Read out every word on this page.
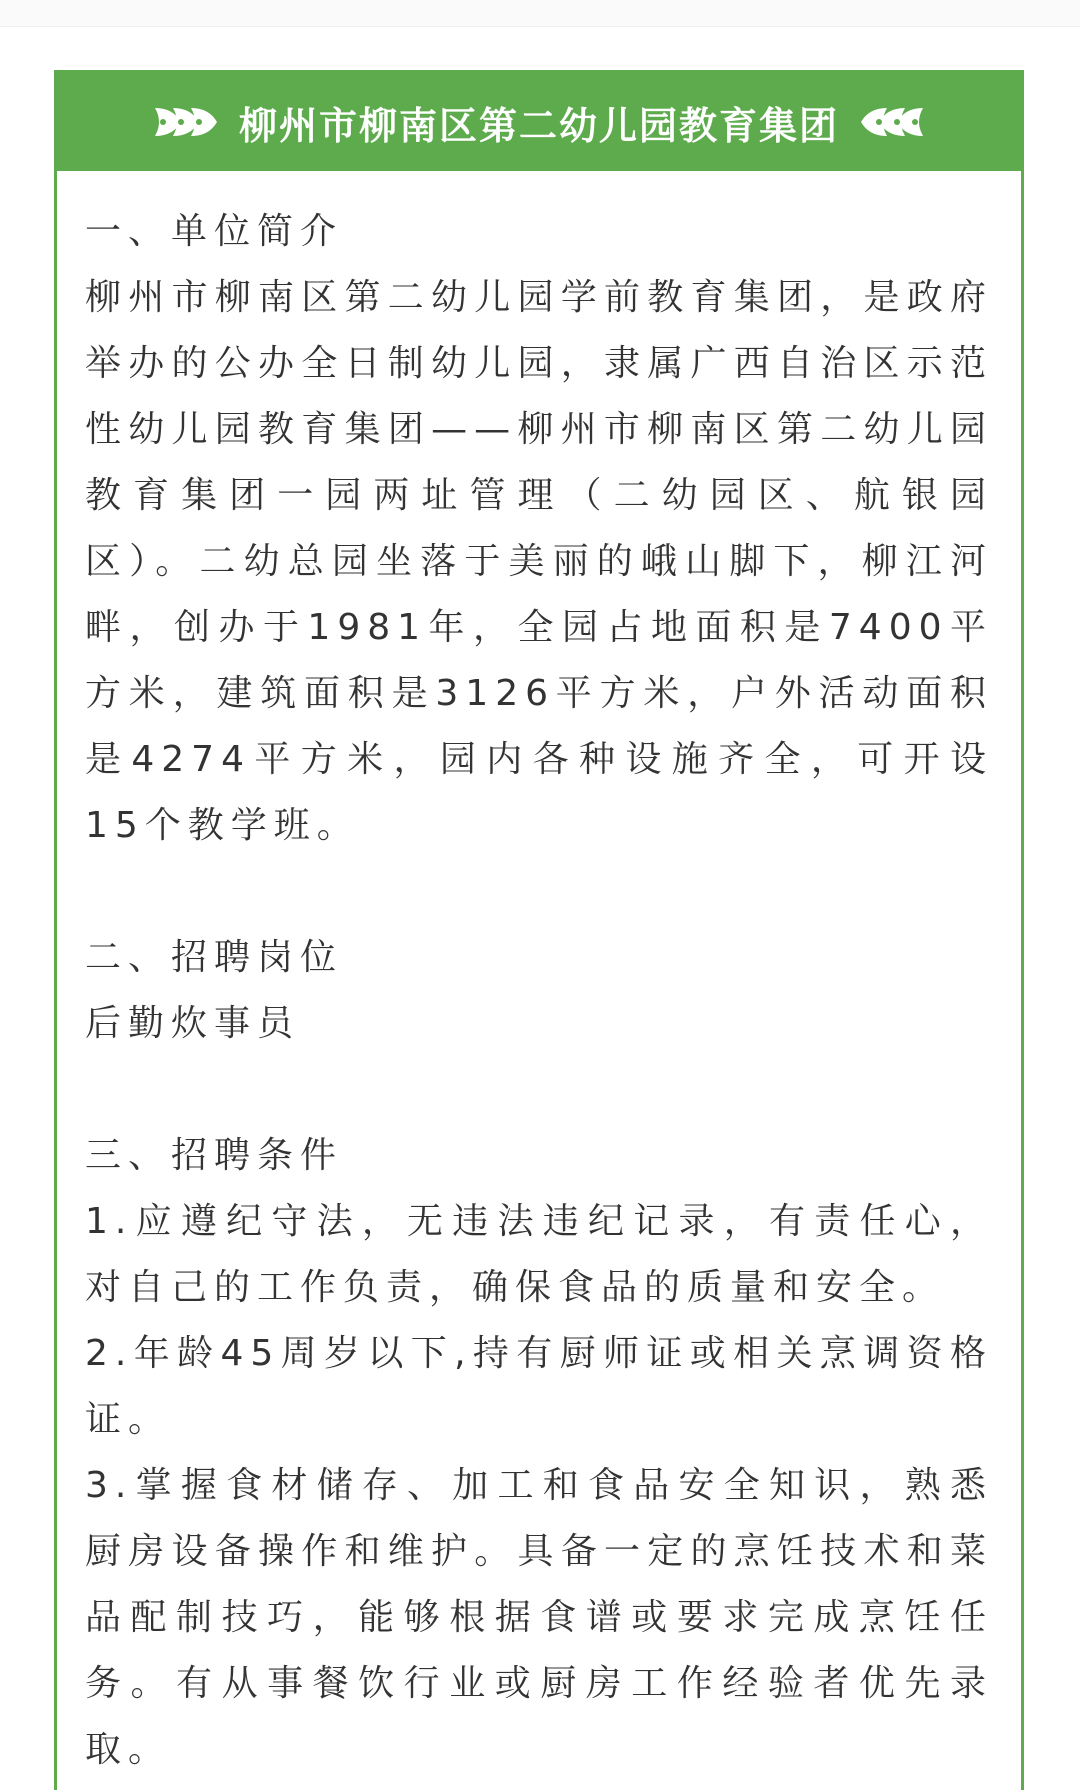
柳州市柳南区第二幼儿园教育集团

一、单位简介

柳州市柳南区第二幼儿园学前教育集团，是政府举办的公办全日制幼儿园，隶属广西自治区示范性幼儿园教育集团——柳州市柳南区第二幼儿园教育集团一园两址管理（二幼园区、航银园区）。二幼总园坐落于美丽的峨山脚下，柳江河畔，创办于1981年，全园占地面积是7400平方米，建筑面积是3126平方米，户外活动面积是4274平方米，园内各种设施齐全，可开设15个教学班。

二、招聘岗位

后勤炊事员

三、招聘条件

1.应遵纪守法，无违法违纪记录，有责任心，对自己的工作负责，确保食品的质量和安全。

2.年龄45周岁以下,持有厨师证或相关烹调资格证。

3.掌握食材储存、加工和食品安全知识，熟悉厨房设备操作和维护。具备一定的烹饪技术和菜品配制技巧，能够根据食谱或要求完成烹饪任务。有从事餐饮行业或厨房工作经验者优先录取。
